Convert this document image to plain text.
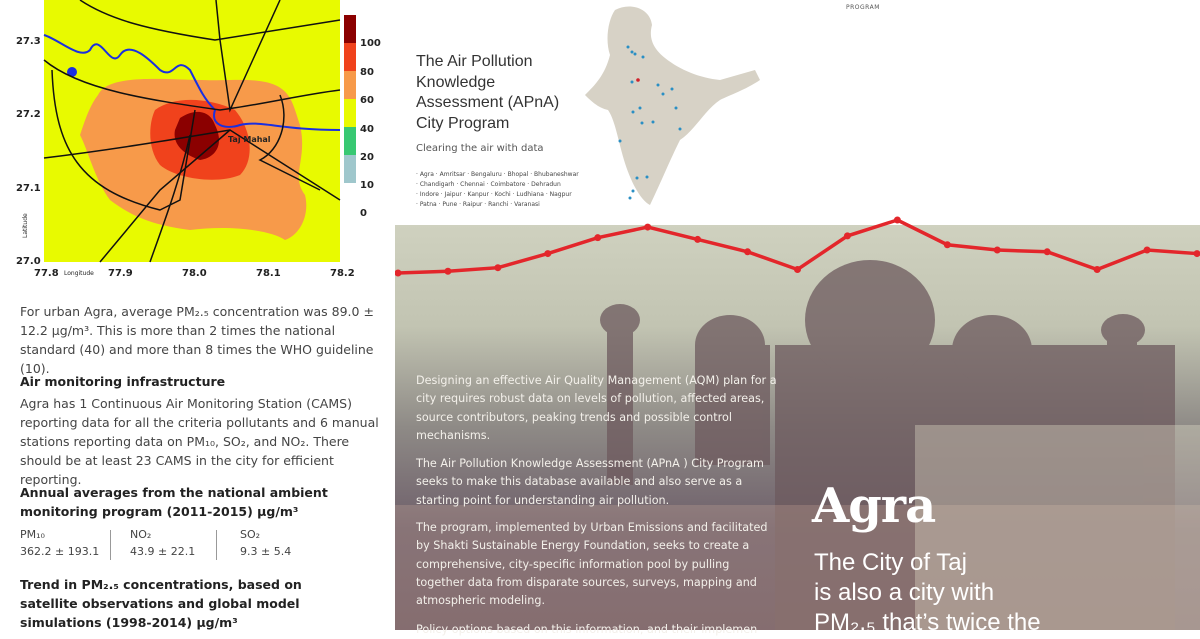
Taj Mahal
100
80
60
40
20
10
0
27.3
27.2
27.1
27.0
77.8	77.9	78.0	78.1	78.2
Longitude
Latitude

For urban Agra, average PM₂.₅ concentration was 89.0 ± 12.2 µg/m³. This is more than 2 times the national standard (40) and more than 8 times the WHO guideline (10).

Air monitoring infrastructure

Agra has 1 Continuous Air Monitoring Station (CAMS) reporting data for all the criteria pollutants and 6 manual stations reporting data on PM₁₀, SO₂, and NO₂. There should be at least 23 CAMS in the city for efficient reporting.

Annual averages from the national ambient monitoring program (2011-2015) µg/m³

PM₁₀
362.2 ± 193.1
NO₂
43.9 ± 22.1
SO₂
9.3 ± 5.4

Trend in PM₂.₅ concentrations, based on satellite observations and global model simulations (1998-2014) µg/m³

PROGRAM
The Air Pollution
Knowledge
Assessment (APnA)
City Program
Clearing the air with data
· Agra · Amritsar · Bengaluru · Bhopal · Bhubaneshwar
· Chandigarh · Chennai · Coimbatore · Dehradun
· Indore · Jaipur · Kanpur · Kochi · Ludhiana · Nagpur
· Patna · Pune · Raipur · Ranchi · Varanasi

Designing an effective Air Quality Management (AQM) plan for a city requires robust data on levels of pollution, affected areas, source contributors, peaking trends and possible control mechanisms.

The Air Pollution Knowledge Assessment (APnA ) City Program seeks to make this database available and also serve as a starting point for understanding air pollution.

The program, implemented by Urban Emissions and facilitated by Shakti Sustainable Energy Foundation, seeks to create a comprehensive, city-specific information pool by pulling together data from disparate sources, surveys, mapping and atmospheric modeling.

Policy options based on this information, and their implemen

Agra
The City of Taj
is also a city with
PM₂.₅ that’s twice the
